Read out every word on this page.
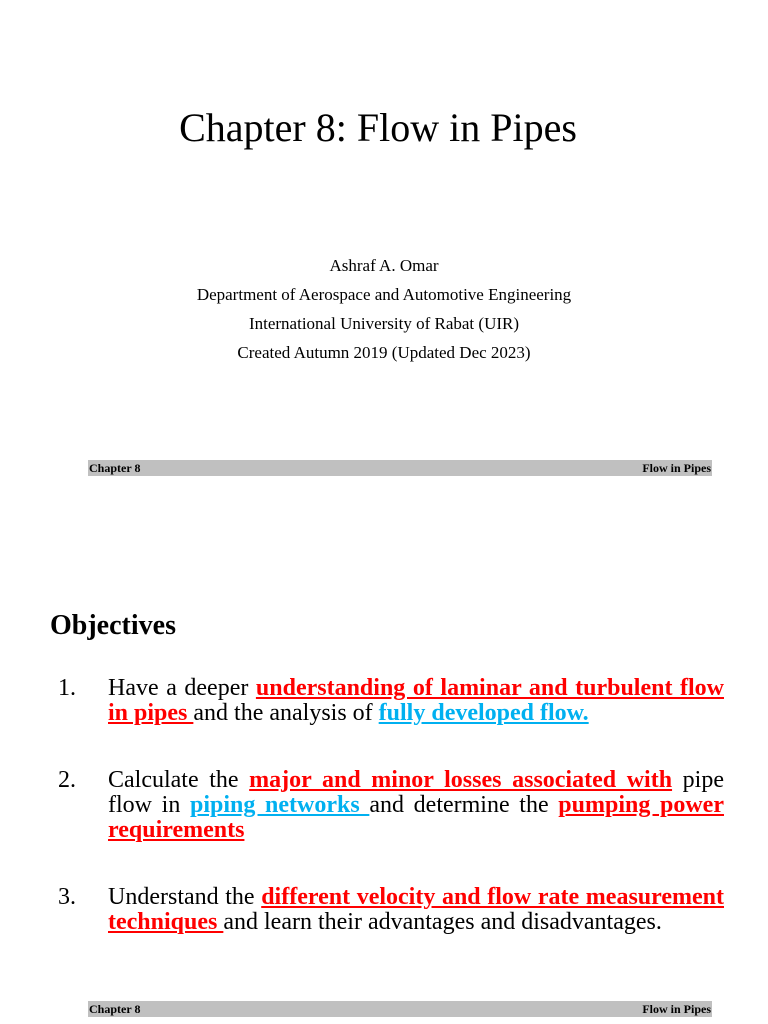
Chapter 8: Flow in Pipes
Ashraf A. Omar
Department of Aerospace and Automotive Engineering
International University of Rabat (UIR)
Created Autumn 2019 (Updated Dec 2023)
Chapter 8	Flow in Pipes
Objectives
1. Have a deeper understanding of laminar and turbulent flow in pipes and the analysis of fully developed flow.
2. Calculate the major and minor losses associated with pipe flow in piping networks and determine the pumping power requirements
3. Understand the different velocity and flow rate measurement techniques and learn their advantages and disadvantages.
Chapter 8	Flow in Pipes
